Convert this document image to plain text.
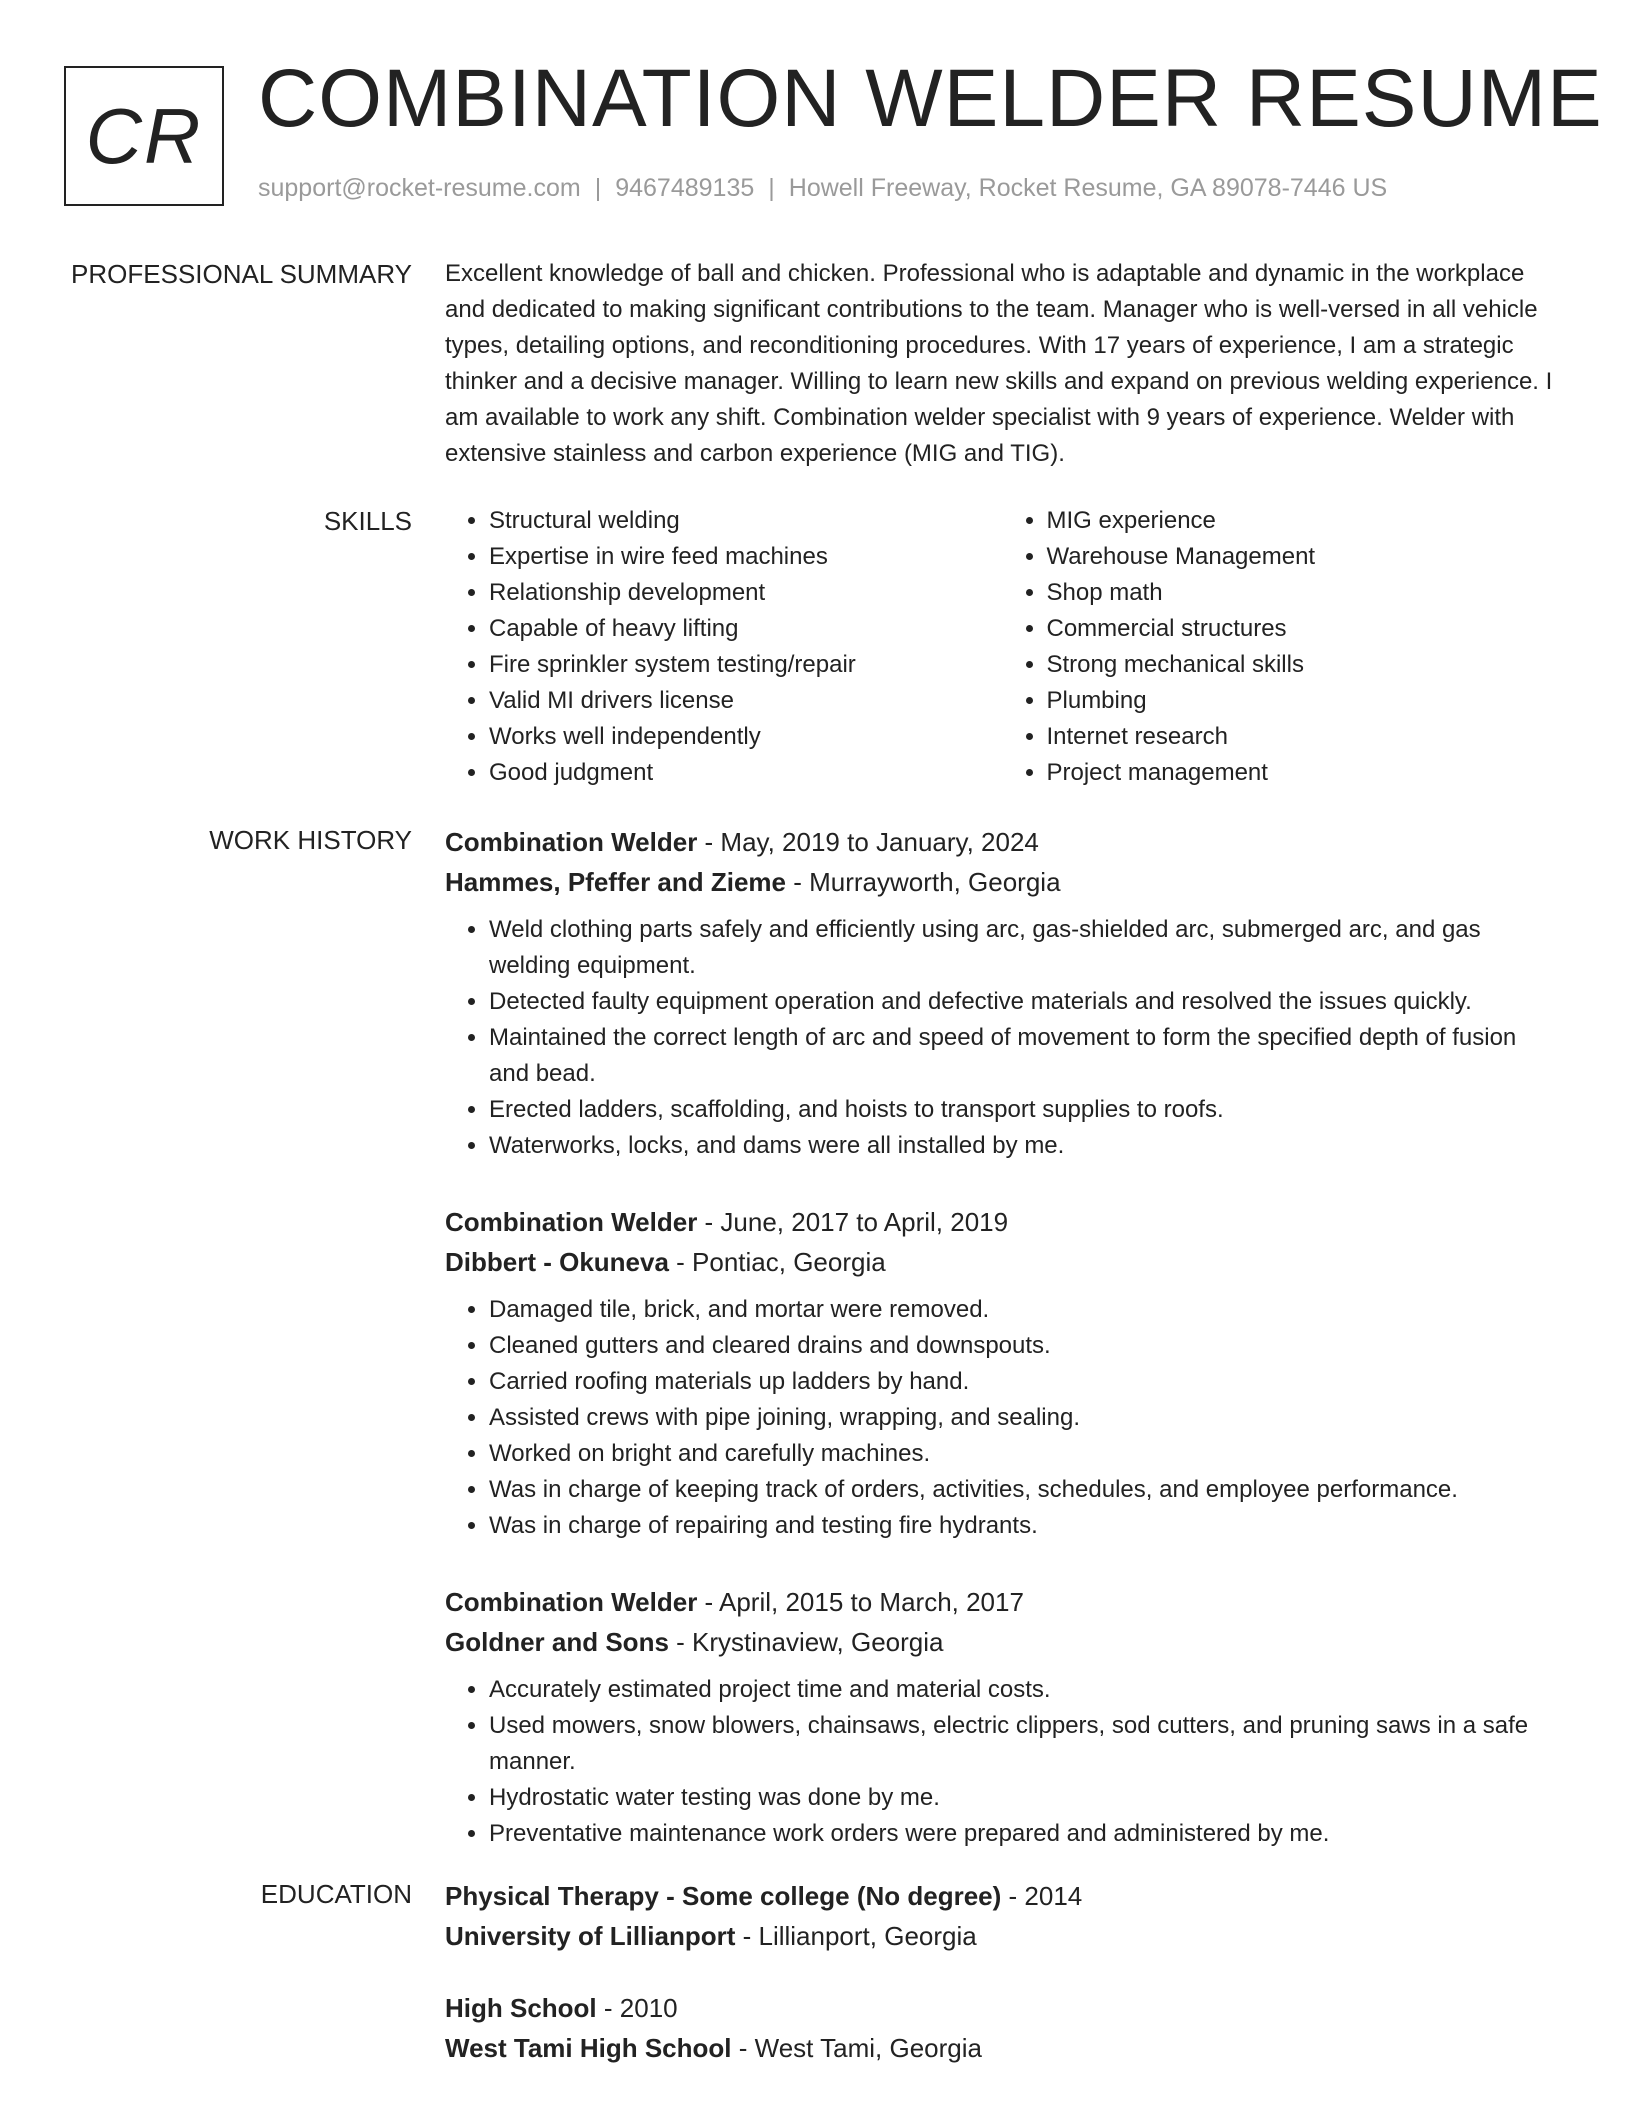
CR COMBINATION WELDER RESUME
support@rocket-resume.com | 9467489135 | Howell Freeway, Rocket Resume, GA 89078-7446 US
PROFESSIONAL SUMMARY Excellent knowledge of ball and chicken. Professional who is adaptable and dynamic in the workplace and dedicated to making significant contributions to the team. Manager who is well-versed in all vehicle types, detailing options, and reconditioning procedures. With 17 years of experience, I am a strategic thinker and a decisive manager. Willing to learn new skills and expand on previous welding experience. I am available to work any shift. Combination welder specialist with 9 years of experience. Welder with extensive stainless and carbon experience (MIG and TIG).

SKILLS
•	Structural welding
• Expertise in wire feed machines
• Relationship development
• Capable of heavy lifting
• Fire sprinkler system testing/repair
• Valid MI drivers license
• Works well independently
• Good judgment
• MIG experience
• Warehouse Management
• Shop math
• Commercial structures
• Strong mechanical skills
• Plumbing
• Internet research
• Project management
WORK HISTORY Combination Welder - May, 2019 to January, 2024
Hammes, Pfeffer and Zieme - Murrayworth, Georgia
• Weld clothing parts safely and efficiently using arc, gas-shielded arc, submerged arc, and gas welding equipment.
• Detected faulty equipment operation and defective materials and resolved the issues quickly.
• Maintained the correct length of arc and speed of movement to form the specified depth of fusion and bead.
• Erected ladders, scaffolding, and hoists to transport supplies to roofs.
• Waterworks, locks, and dams were all installed by me.
Combination Welder - June, 2017 to April, 2019
Dibbert - Okuneva - Pontiac, Georgia
• Damaged tile, brick, and mortar were removed.
• Cleaned gutters and cleared drains and downspouts.
• Carried roofing materials up ladders by hand.
• Assisted crews with pipe joining, wrapping, and sealing.
• Worked on bright and carefully machines.
• Was in charge of keeping track of orders, activities, schedules, and employee performance.
• Was in charge of repairing and testing fire hydrants.
Combination Welder - April, 2015 to March, 2017
Goldner and Sons - Krystinaview, Georgia
• Accurately estimated project time and material costs.
• Used mowers, snow blowers, chainsaws, electric clippers, sod cutters, and pruning saws in a safe manner.
• Hydrostatic water testing was done by me.
• Preventative maintenance work orders were prepared and administered by me.
EDUCATION Physical Therapy - Some college (No degree) - 2014
University of Lillianport - Lillianport, Georgia
High School - 2010
West Tami High School - West Tami, Georgia
